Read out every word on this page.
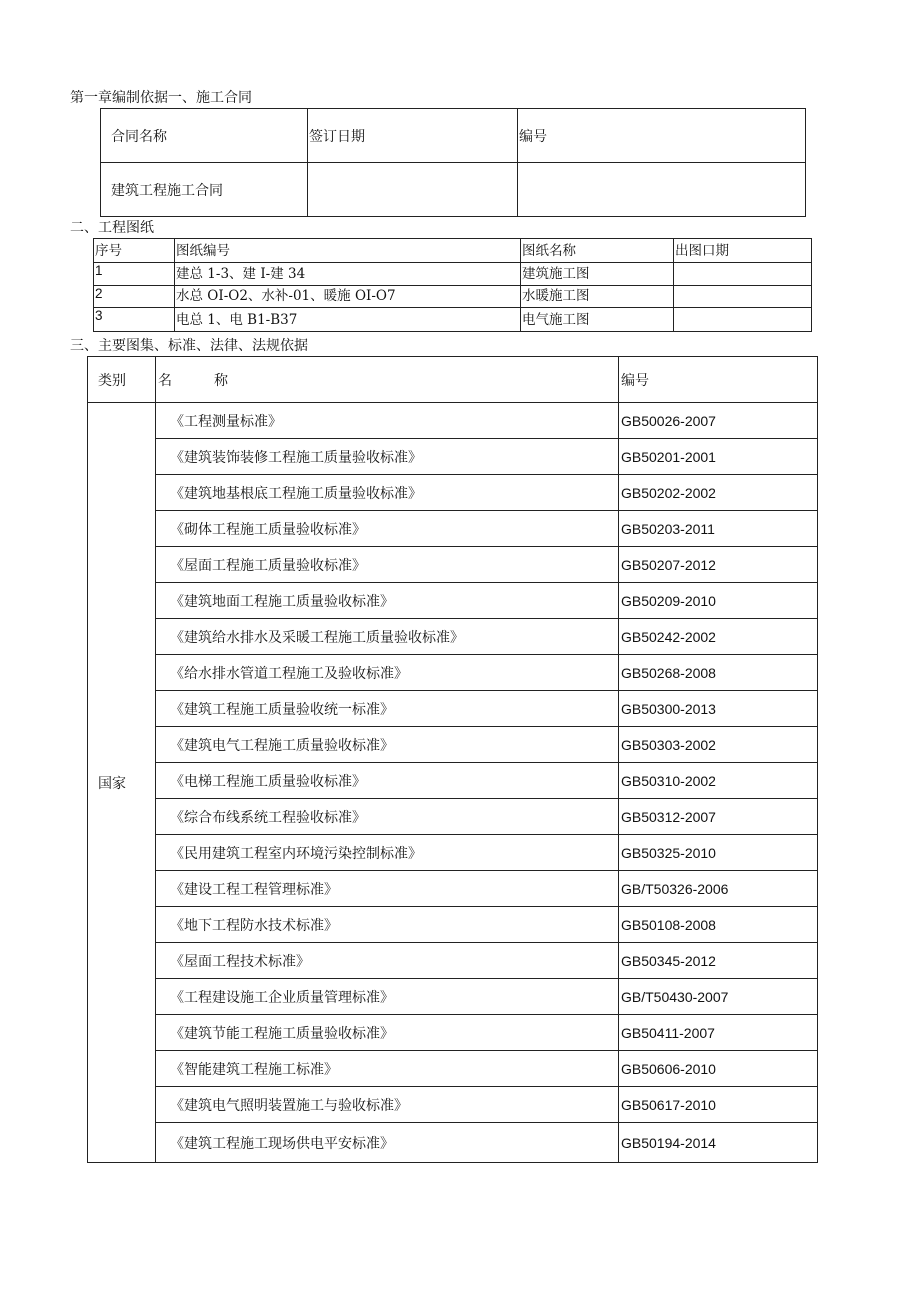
第一章编制依据一、施工合同
合同名称	签订日期	编号
建筑工程施工合同		
二、工程图纸
序号	图纸编号	图纸名称	出图口期
1	建总 1-3、建 I-建 34	建筑施工图	
2	水总 OI-O2、水补-01、暖施 OI-O7	水暖施工图	
3	电总 1、电 B1-B37	电气施工图	
三、主要图集、标准、法律、法规依据
类别	名　　　称	编号
国家	《工程测量标准》	GB50026-2007
	《建筑装饰装修工程施工质量验收标准》	GB50201-2001
	《建筑地基根底工程施工质量验收标准》	GB50202-2002
	《砌体工程施工质量验收标准》	GB50203-2011
	《屋面工程施工质量验收标准》	GB50207-2012
	《建筑地面工程施工质量验收标准》	GB50209-2010
	《建筑给水排水及采暖工程施工质量验收标准》	GB50242-2002
	《给水排水管道工程施工及验收标准》	GB50268-2008
	《建筑工程施工质量验收统一标准》	GB50300-2013
	《建筑电气工程施工质量验收标准》	GB50303-2002
	《电梯工程施工质量验收标准》	GB50310-2002
	《综合布线系统工程验收标准》	GB50312-2007
	《民用建筑工程室内环境污染控制标准》	GB50325-2010
	《建设工程工程管理标准》	GB/T50326-2006
	《地下工程防水技术标准》	GB50108-2008
	《屋面工程技术标准》	GB50345-2012
	《工程建设施工企业质量管理标准》	GB/T50430-2007
	《建筑节能工程施工质量验收标准》	GB50411-2007
	《智能建筑工程施工标准》	GB50606-2010
	《建筑电气照明装置施工与验收标准》	GB50617-2010
	《建筑工程施工现场供电平安标准》	GB50194-2014
